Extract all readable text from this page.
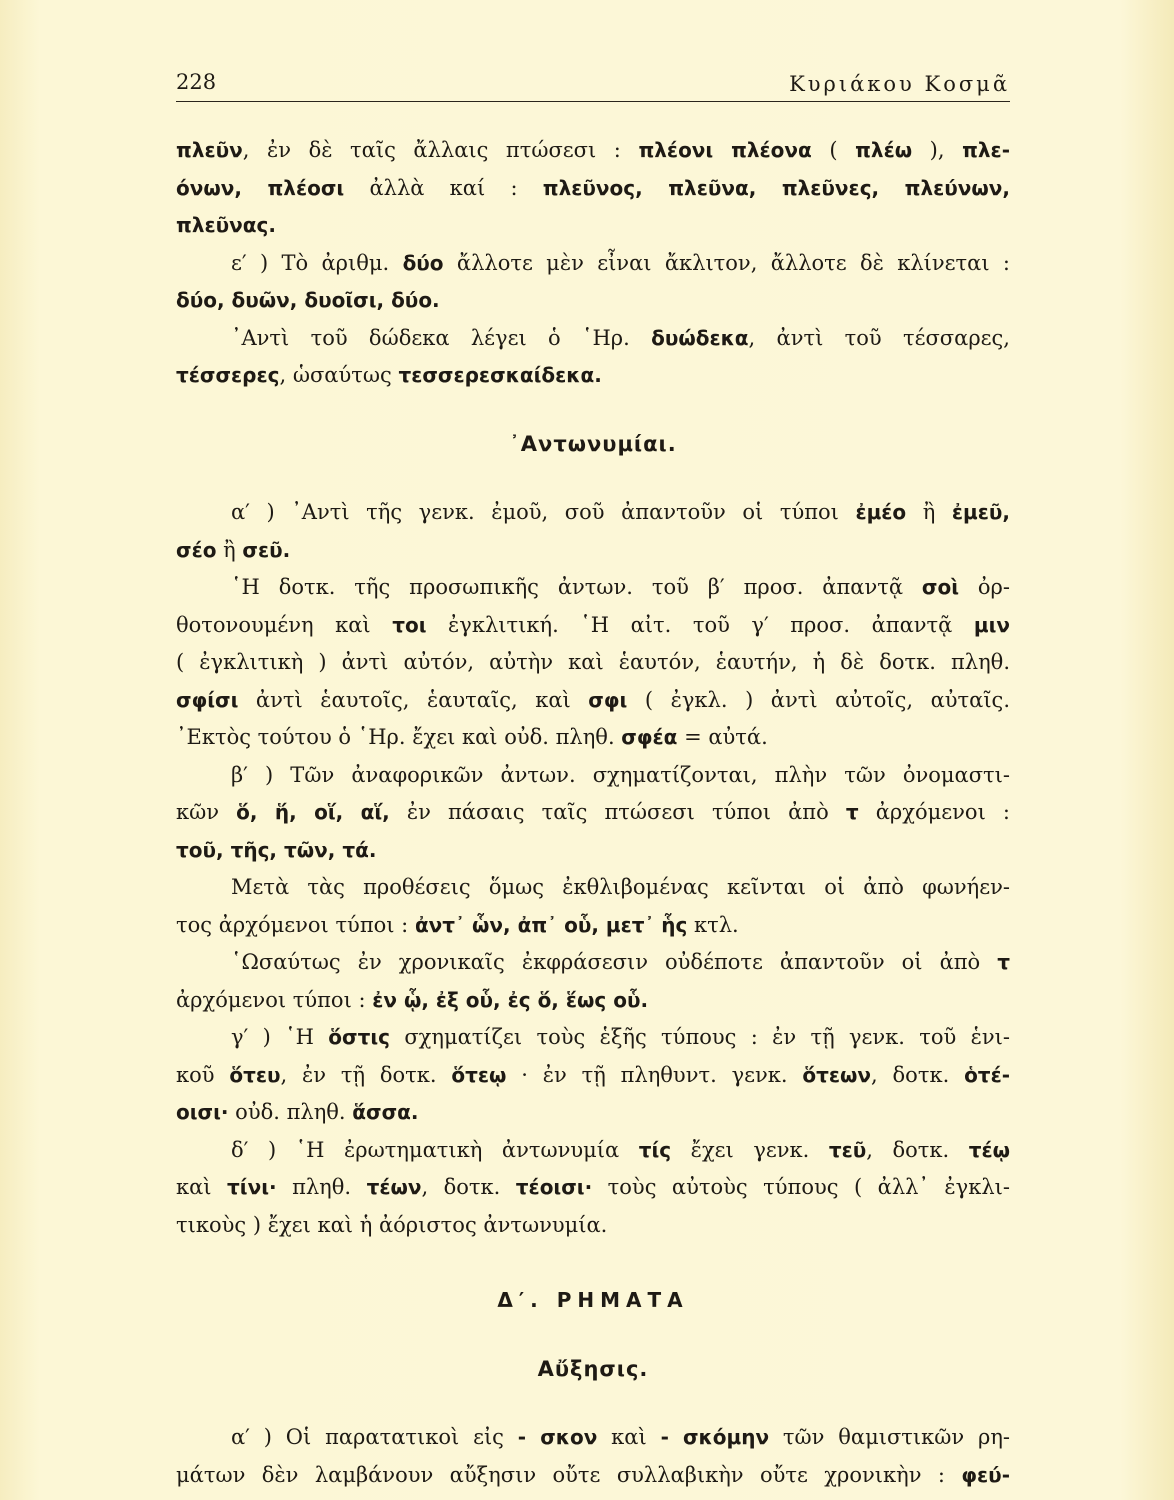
228	Κυριάκου Κοσμᾶ
πλεῦν, ἐν δὲ ταῖς ἄλλαις πτώσεσι : πλέονι πλέονα ( πλέω ), πλε-
όνων, πλέοσι ἀλλὰ καί : πλεῦνος, πλεῦνα, πλεῦνες, πλεύνων,
πλεῦνας.
ε′ ) Τὸ ἀριθμ. δύο ἄλλοτε μὲν εἶναι ἄκλιτον, ἄλλοτε δὲ κλίνεται :
δύο, δυῶν, δυοῖσι, δύο.
᾿Αντὶ τοῦ δώδεκα λέγει ὁ ῾Ηρ. δυώδεκα, ἀντὶ τοῦ τέσσαρες,
τέσσερες, ὡσαύτως τεσσερεσκαίδεκα.
᾿Αντωνυμίαι.
α′ ) ᾿Αντὶ τῆς γενκ. ἐμοῦ, σοῦ ἀπαντοῦν οἱ τύποι ἐμέο ἢ ἐμεῦ,
σέο ἢ σεῦ.
῾Η δοτκ. τῆς προσωπικῆς ἀντων. τοῦ β′ προσ. ἀπαντᾷ σοὶ ὀρ-
θοτονουμένη καὶ τοι ἐγκλιτική. ῾Η αἰτ. τοῦ γ′ προσ. ἀπαντᾷ μιν
( ἐγκλιτικὴ ) ἀντὶ αὐτόν, αὐτὴν καὶ ἑαυτόν, ἑαυτήν, ἡ δὲ δοτκ. πληθ.
σφίσι ἀντὶ ἑαυτοῖς, ἑαυταῖς, καὶ σφι ( ἐγκλ. ) ἀντὶ αὐτοῖς, αὐταῖς.
᾿Εκτὸς τούτου ὁ ῾Ηρ. ἔχει καὶ οὐδ. πληθ. σφέα = αὐτά.
β′ ) Τῶν ἀναφορικῶν ἀντων. σχηματίζονται, πλὴν τῶν ὀνομαστι-
κῶν ὅ, ἥ, οἵ, αἵ, ἐν πάσαις ταῖς πτώσεσι τύποι ἀπὸ τ ἀρχόμενοι :
τοῦ, τῆς, τῶν, τά.
Μετὰ τὰς προθέσεις ὅμως ἐκθλιβομένας κεῖνται οἱ ἀπὸ φωνήεν-
τος ἀρχόμενοι τύποι : ἀντ᾿ ὧν, ἀπ᾿ οὗ, μετ᾿ ἧς κτλ.
῾Ωσαύτως ἐν χρονικαῖς ἐκφράσεσιν οὐδέποτε ἀπαντοῦν οἱ ἀπὸ τ
ἀρχόμενοι τύποι : ἐν ᾧ, ἐξ οὗ, ἐς ὅ, ἕως οὗ.
γ′ ) ῾Η ὅστις σχηματίζει τοὺς ἑξῆς τύπους : ἐν τῇ γενκ. τοῦ ἑνι-
κοῦ ὅτευ, ἐν τῇ δοτκ. ὅτεῳ · ἐν τῇ πληθυντ. γενκ. ὅτεων, δοτκ. ὁτέ-
οισι· οὐδ. πληθ. ἅσσα.
δ′ ) ῾Η ἐρωτηματικὴ ἀντωνυμία τίς ἔχει γενκ. τεῦ, δοτκ. τέῳ
καὶ τίνι· πληθ. τέων, δοτκ. τέοισι· τοὺς αὐτοὺς τύπους ( ἀλλ᾿ ἐγκλι-
τικοὺς ) ἔχει καὶ ἡ ἀόριστος ἀντωνυμία.
Δ′. ΡΗΜΑΤΑ
Αὔξησις.
α′ ) Οἱ παρατατικοὶ εἰς - σκον καὶ - σκόμην τῶν θαμιστικῶν ρη-
μάτων δὲν λαμβάνουν αὔξησιν οὔτε συλλαβικὴν οὔτε χρονικὴν : φεύ-
